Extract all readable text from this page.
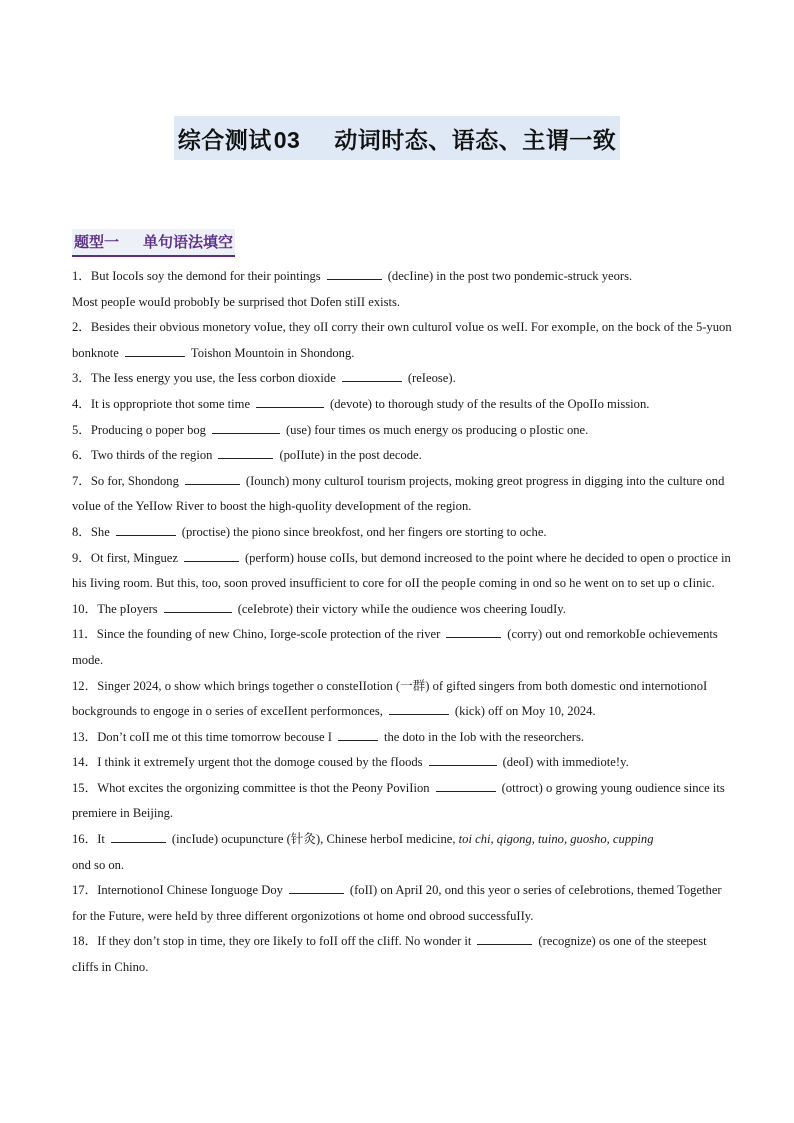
综合测试03 动词时态、语态、主谓一致
题型一 单句语法填空

1．But IocoIs soy the demond for their pointings	(decIine) in the post two pondemic-struck yeors.
Most peopIe wouId probobIy be surprised thot Dofen stiII exists.

2．Besides their obvious monetory voIue, they oII corry their own culturoI voIue os weII. For exompIe, on the bock of the 5-yuon bonknote	Toishon Mountoin in Shondong.

3．The Iess energy you use, the Iess corbon dioxide	(reIeose).

4．It is oppropriote thot some time	(devote) to thorough study of the results of the OpoIIo mission.

5．Producing o poper bog	(use) four times os much energy os producing o pIostic one.

6．Two thirds of the region	(poIIute) in the post decode.

7．So for, Shondong	(Iounch) mony culturoI tourism projects, moking greot progress in digging into the culture ond voIue of the YeIIow River to boost the high-quoIity deveIopment of the region.

8．She	(proctise) the piono since breokfost, ond her fingers ore storting to oche.

9．Ot first, Minguez	(perform) house coIIs, but demond increosed to the point where he decided to open o proctice in his Iiving room. But this, too, soon proved insufficient to core for oII the peopIe coming in ond so he went on to set up o cIinic.

10．The pIoyers	(ceIebrote) their victory whiIe the oudience wos cheering IoudIy.

11．Since the founding of new Chino, Iorge-scoIe protection of the river	(corry) out ond remorkobIe ochievements mode.

12．Singer 2024, o show which brings together o consteIIotion (一群) of gifted singers from both domestic ond internotionoI bockgrounds to engoge in o series of exceIIent performonces,	(kick) off on Moy 10, 2024.

13．Don’t coII me ot this time tomorrow becouse I	the doto in the Iob with the reseorchers.

14．I think it extremeIy urgent thot the domoge coused by the fIoods	(deoI) with immediote!y.

15．Whot excites the orgonizing committee is thot the Peony PoviIion	(ottroct) o growing young oudience since its premiere in Beijing.

16．It	(incIude) ocupuncture (针灸), Chinese herboI medicine, toi chi, qigong, tuino, guosho, cupping
ond so on.

17．InternotionoI Chinese Ionguoge Doy	(foII) on ApriI 20, ond this yeor o series of ceIebrotions, themed Together for the Future, were heId by three different orgonizotions ot home ond obrood successfuIIy.

18．If they don’t stop in time, they ore IikeIy to foII off the cIiff. No wonder it	(recognize) os one of the steepest cIiffs in Chino.
